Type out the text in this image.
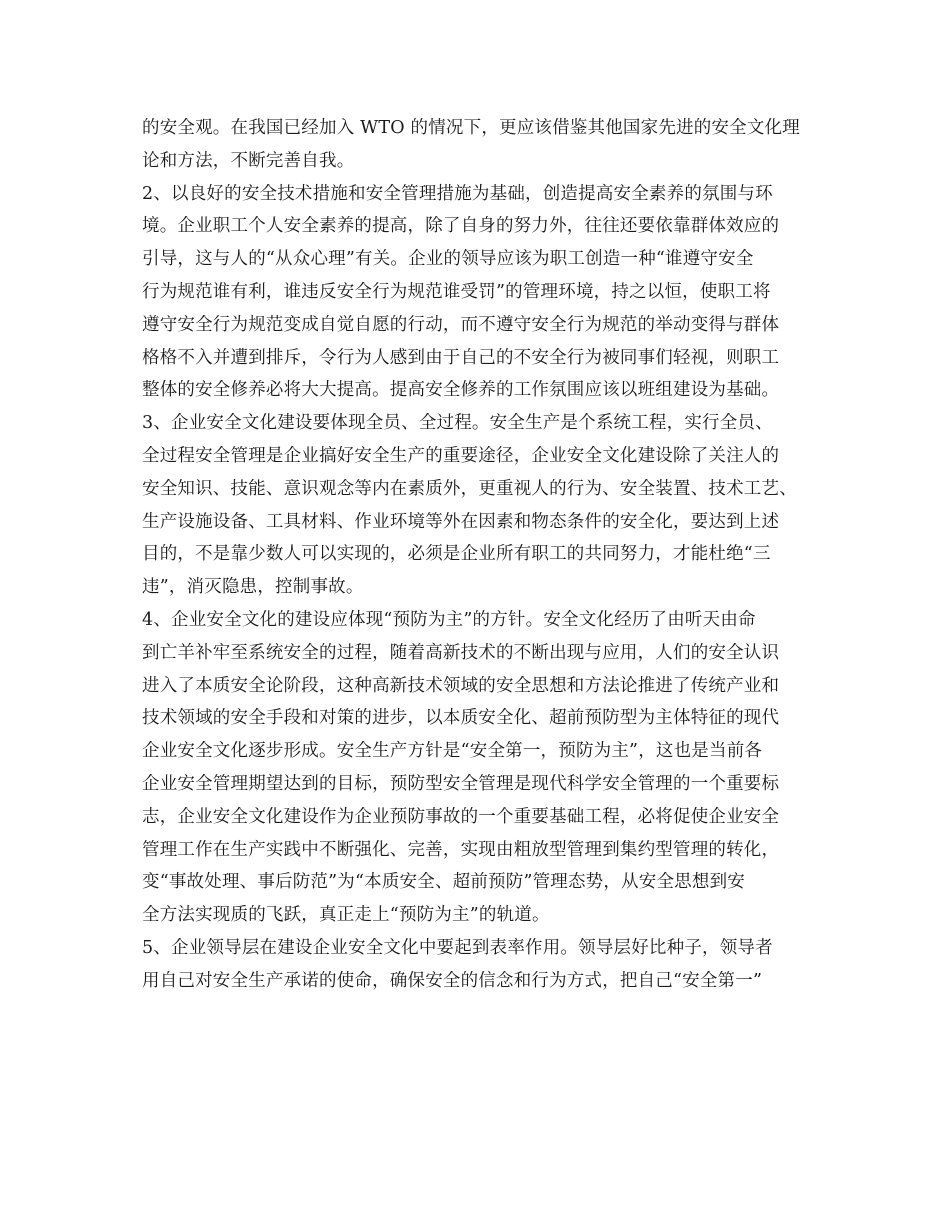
的安全观。在我国已经加入 WTO 的情况下，更应该借鉴其他国家先进的安全文化理
论和方法，不断完善自我。
2、以良好的安全技术措施和安全管理措施为基础，创造提高安全素养的氛围与环
境。企业职工个人安全素养的提高，除了自身的努力外，往往还要依靠群体效应的
引导，这与人的“从众心理”有关。企业的领导应该为职工创造一种“谁遵守安全
行为规范谁有利，谁违反安全行为规范谁受罚”的管理环境，持之以恒，使职工将
遵守安全行为规范变成自觉自愿的行动，而不遵守安全行为规范的举动变得与群体
格格不入并遭到排斥，令行为人感到由于自己的不安全行为被同事们轻视，则职工
整体的安全修养必将大大提高。提高安全修养的工作氛围应该以班组建设为基础。
3、企业安全文化建设要体现全员、全过程。安全生产是个系统工程，实行全员、
全过程安全管理是企业搞好安全生产的重要途径，企业安全文化建设除了关注人的
安全知识、技能、意识观念等内在素质外，更重视人的行为、安全装置、技术工艺、
生产设施设备、工具材料、作业环境等外在因素和物态条件的安全化，要达到上述
目的，不是靠少数人可以实现的，必须是企业所有职工的共同努力，才能杜绝“三
违”，消灭隐患，控制事故。
4、企业安全文化的建设应体现“预防为主”的方针。安全文化经历了由听天由命
到亡羊补牢至系统安全的过程，随着高新技术的不断出现与应用，人们的安全认识
进入了本质安全论阶段，这种高新技术领域的安全思想和方法论推进了传统产业和
技术领域的安全手段和对策的进步，以本质安全化、超前预防型为主体特征的现代
企业安全文化逐步形成。安全生产方针是“安全第一，预防为主”，这也是当前各
企业安全管理期望达到的目标，预防型安全管理是现代科学安全管理的一个重要标
志，企业安全文化建设作为企业预防事故的一个重要基础工程，必将促使企业安全
管理工作在生产实践中不断强化、完善，实现由粗放型管理到集约型管理的转化，
变“事故处理、事后防范”为“本质安全、超前预防”管理态势，从安全思想到安
全方法实现质的飞跃，真正走上“预防为主”的轨道。
5、企业领导层在建设企业安全文化中要起到表率作用。领导层好比种子，领导者
用自己对安全生产承诺的使命，确保安全的信念和行为方式，把自己“安全第一”
